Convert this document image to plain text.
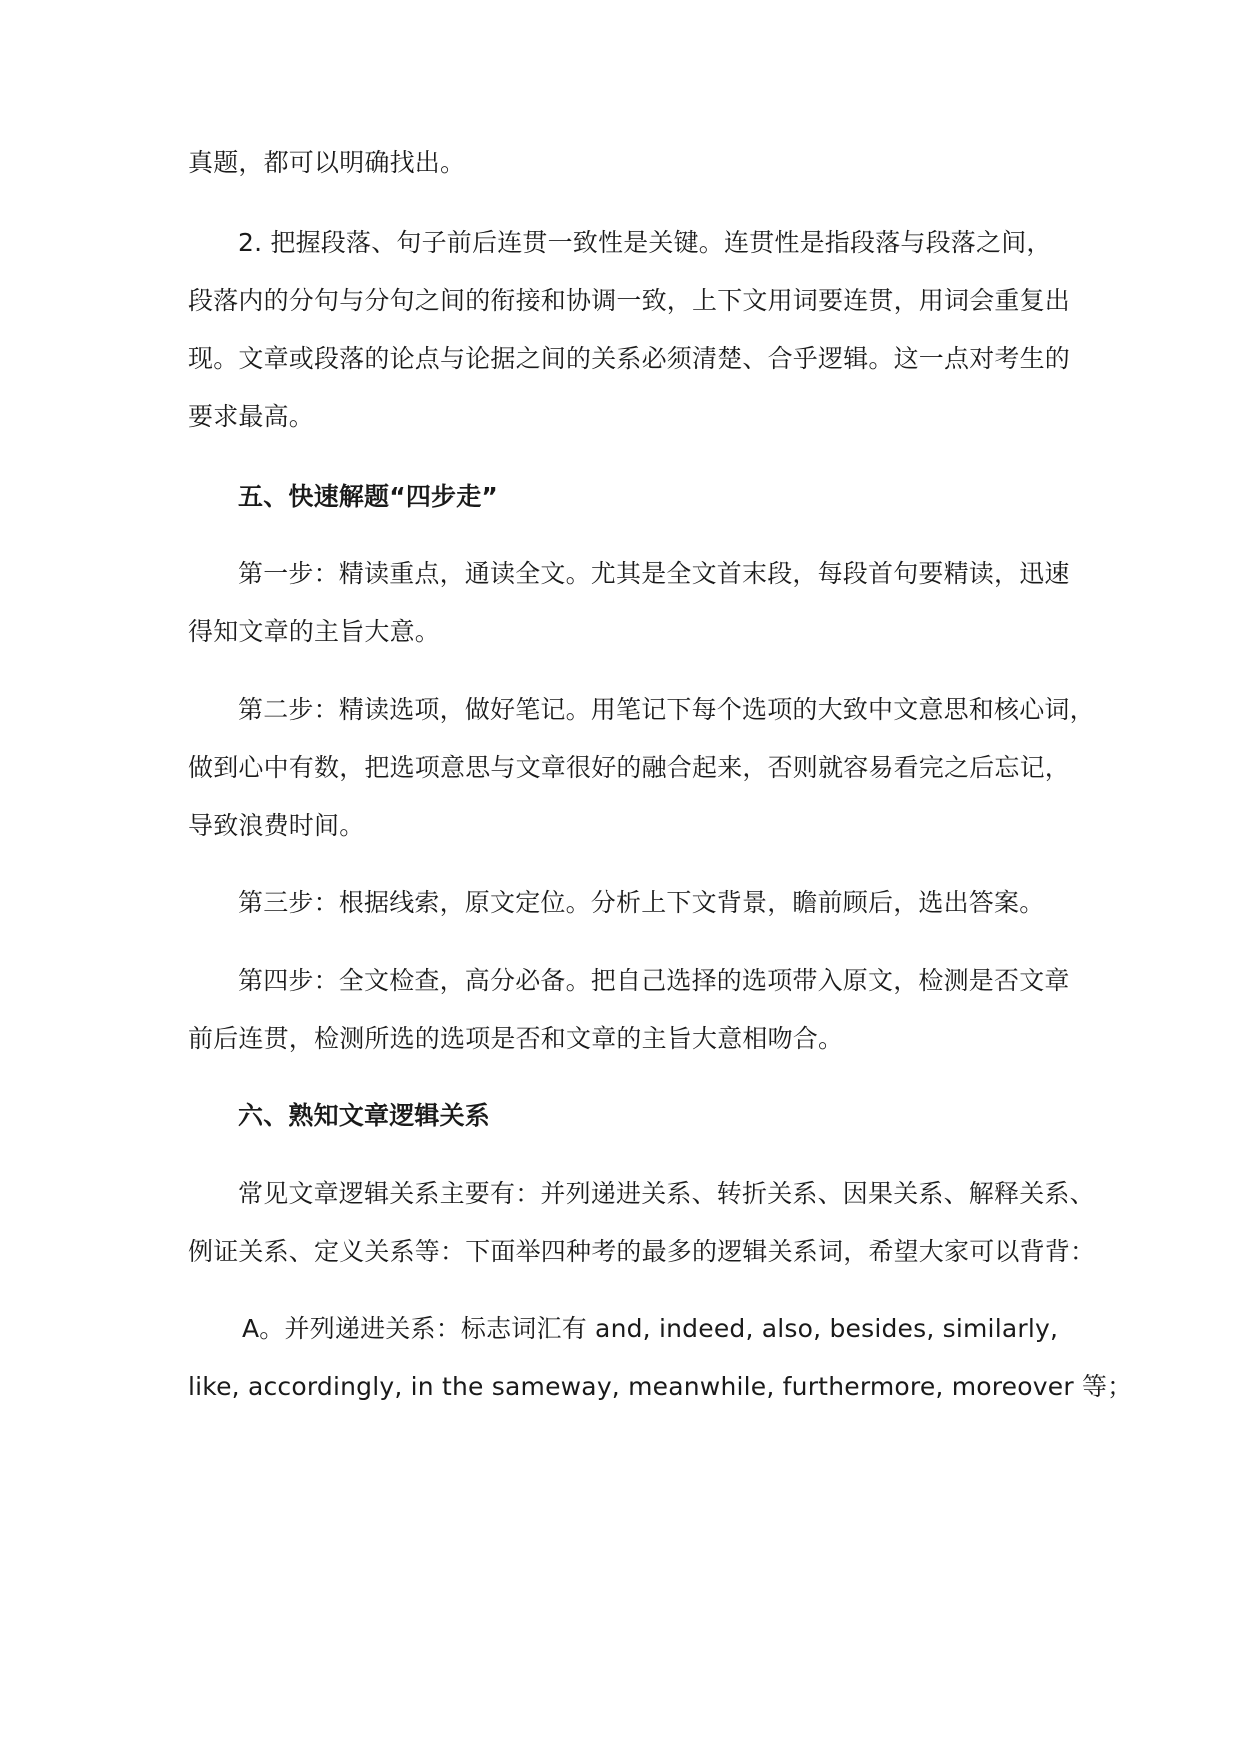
真题，都可以明确找出。
2. 把握段落、句子前后连贯一致性是关键。连贯性是指段落与段落之间，
段落内的分句与分句之间的衔接和协调一致，上下文用词要连贯，用词会重复出
现。文章或段落的论点与论据之间的关系必须清楚、合乎逻辑。这一点对考生的
要求最高。
五、快速解题“四步走”
第一步：精读重点，通读全文。尤其是全文首末段，每段首句要精读，迅速
得知文章的主旨大意。
第二步：精读选项，做好笔记。用笔记下每个选项的大致中文意思和核心词，
做到心中有数，把选项意思与文章很好的融合起来，否则就容易看完之后忘记，
导致浪费时间。
第三步：根据线索，原文定位。分析上下文背景，瞻前顾后，选出答案。
第四步：全文检查，高分必备。把自己选择的选项带入原文，检测是否文章
前后连贯，检测所选的选项是否和文章的主旨大意相吻合。
六、熟知文章逻辑关系
常见文章逻辑关系主要有：并列递进关系、转折关系、因果关系、解释关系、
例证关系、定义关系等：下面举四种考的最多的逻辑关系词，希望大家可以背背：
A。并列递进关系：标志词汇有 and, indeed, also, besides, similarly,
like, accordingly, in the sameway, meanwhile, furthermore, moreover 等；
